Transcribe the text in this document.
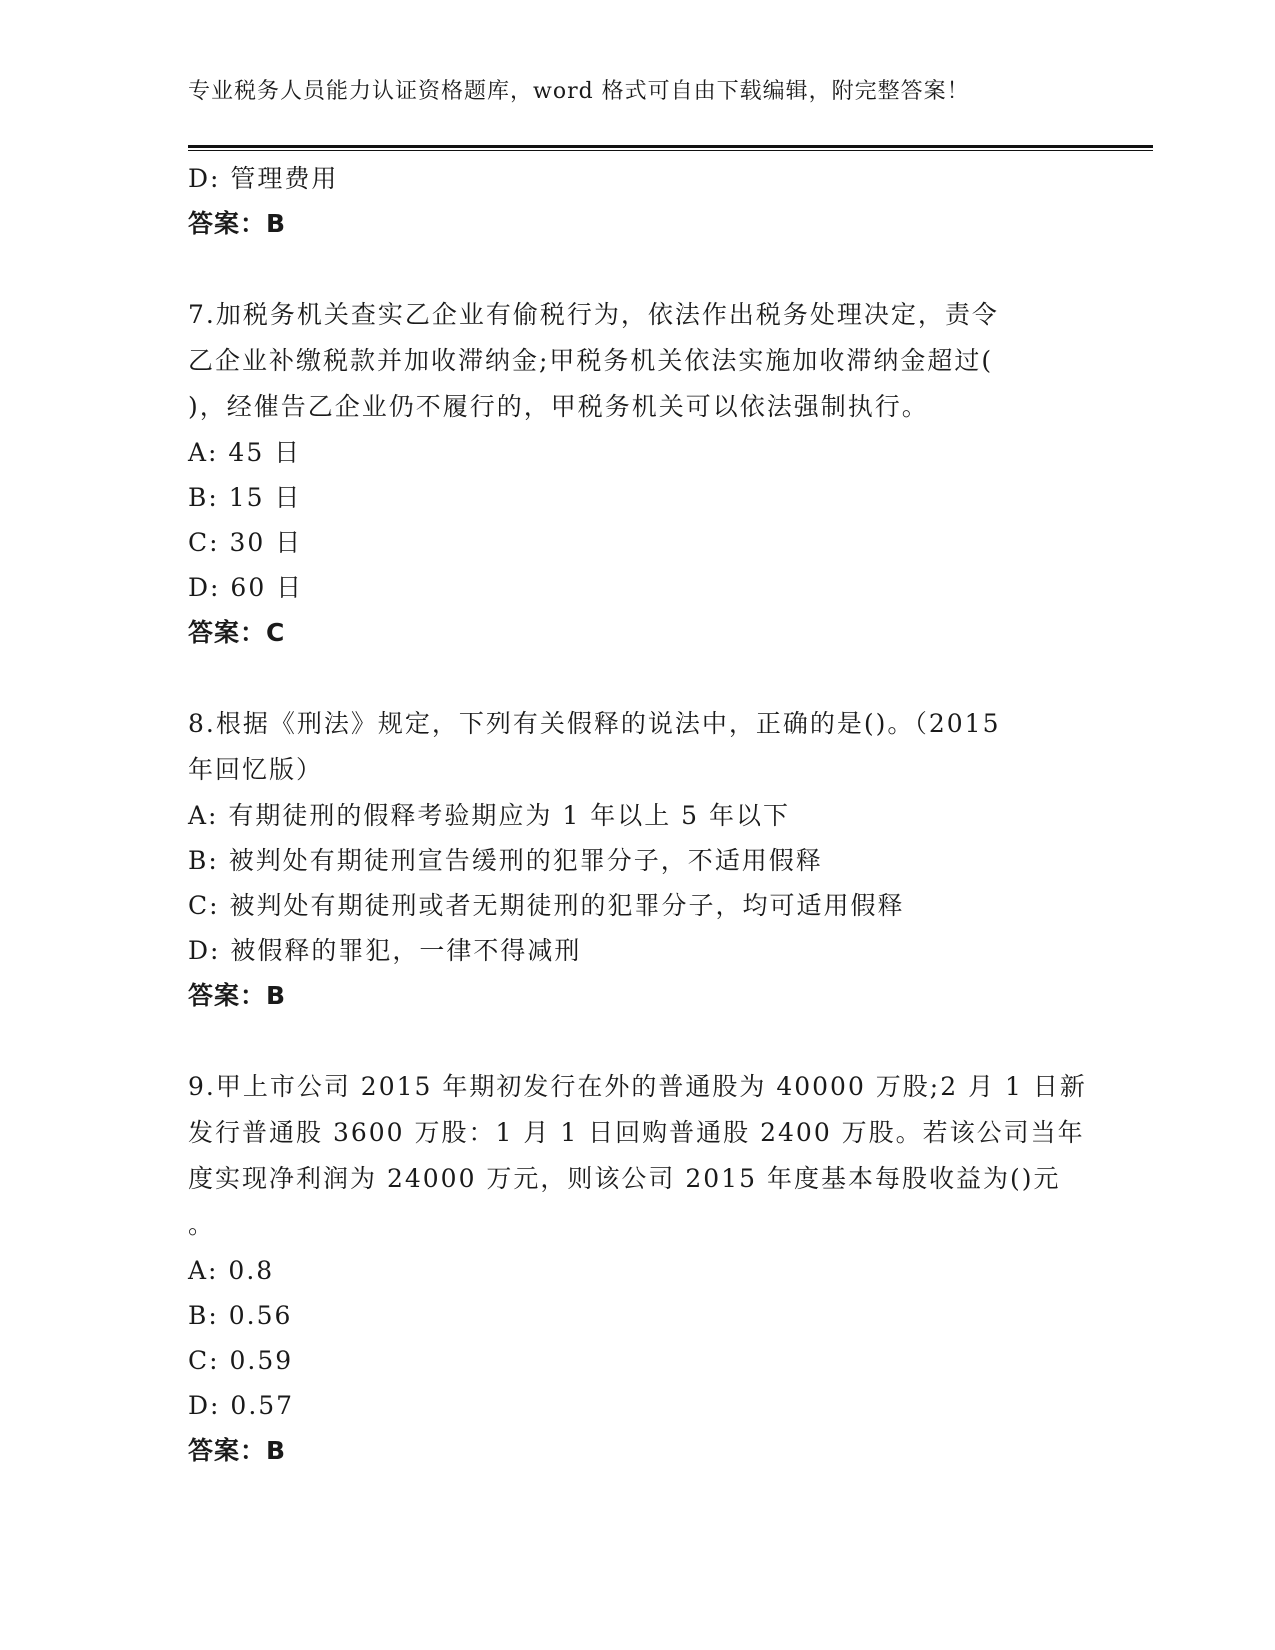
专业税务人员能力认证资格题库，word 格式可自由下载编辑，附完整答案！
D: 管理费用
答案：B
7.加税务机关查实乙企业有偷税行为，依法作出税务处理决定，责令
乙企业补缴税款并加收滞纳金;甲税务机关依法实施加收滞纳金超过(
)，经催告乙企业仍不履行的，甲税务机关可以依法强制执行。
A: 45 日
B: 15 日
C: 30 日
D: 60 日
答案：C
8.根据《刑法》规定，下列有关假释的说法中，正确的是()。（2015
年回忆版）
A: 有期徒刑的假释考验期应为 1 年以上 5 年以下
B: 被判处有期徒刑宣告缓刑的犯罪分子，不适用假释
C: 被判处有期徒刑或者无期徒刑的犯罪分子，均可适用假释
D: 被假释的罪犯，一律不得减刑
答案：B
9.甲上市公司 2015 年期初发行在外的普通股为 40000 万股;2 月 1 日新
发行普通股 3600 万股：1 月 1 日回购普通股 2400 万股。若该公司当年
度实现净利润为 24000 万元，则该公司 2015 年度基本每股收益为()元
。
A: 0.8
B: 0.56
C: 0.59
D: 0.57
答案：B
